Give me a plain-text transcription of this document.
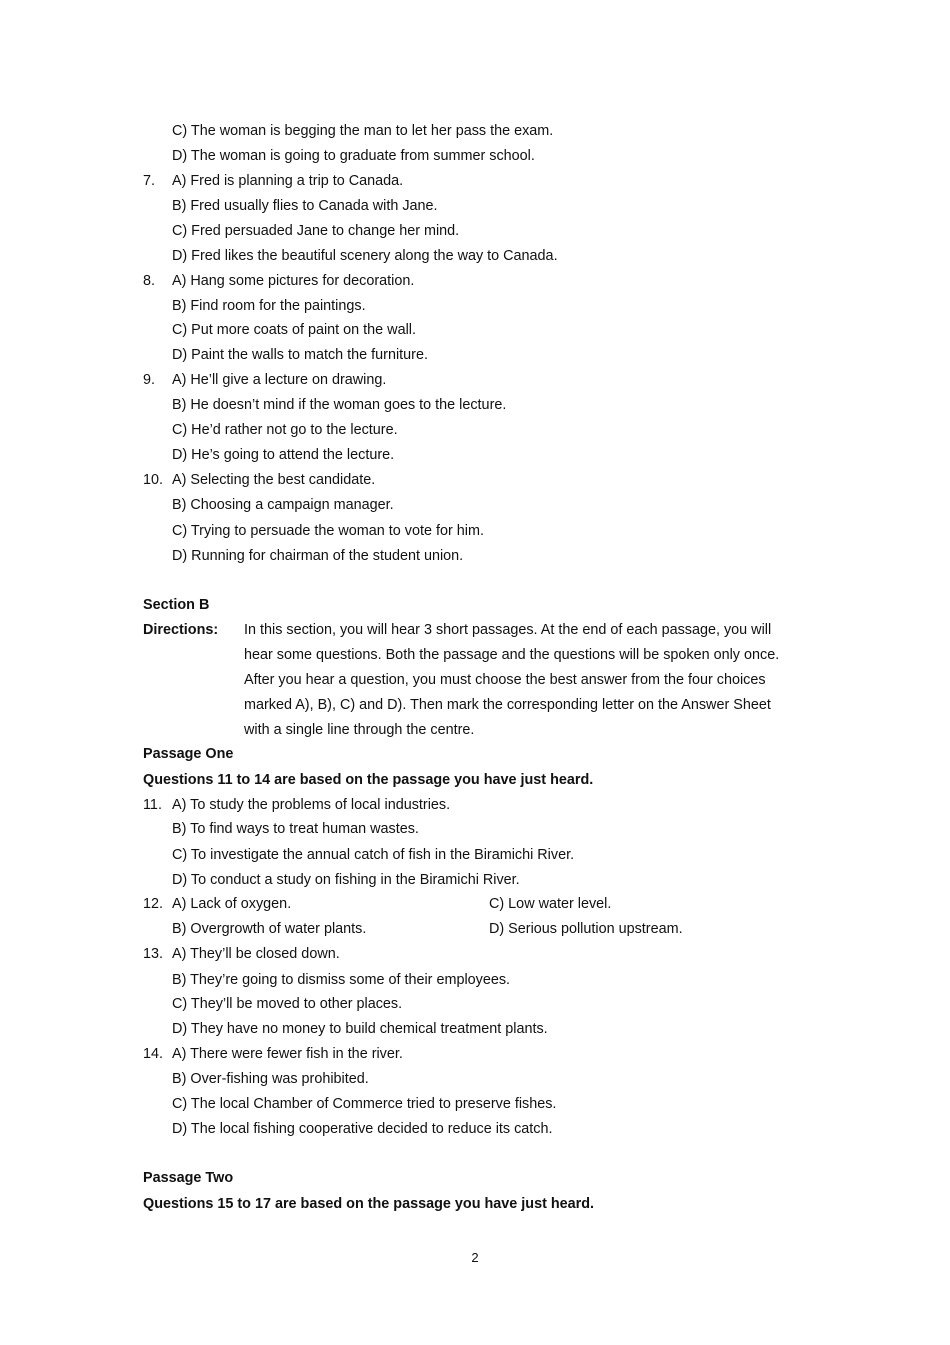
C) The woman is begging the man to let her pass the exam.
D) The woman is going to graduate from summer school.
7. A) Fred is planning a trip to Canada.
B) Fred usually flies to Canada with Jane.
C) Fred persuaded Jane to change her mind.
D) Fred likes the beautiful scenery along the way to Canada.
8. A) Hang some pictures for decoration.
B) Find room for the paintings.
C) Put more coats of paint on the wall.
D) Paint the walls to match the furniture.
9. A) He’ll give a lecture on drawing.
B) He doesn’t mind if the woman goes to the lecture.
C) He’d rather not go to the lecture.
D) He’s going to attend the lecture.
10. A) Selecting the best candidate.
B) Choosing a campaign manager.
C) Trying to persuade the woman to vote for him.
D) Running for chairman of the student union.
Section B
Directions: In this section, you will hear 3 short passages. At the end of each passage, you will
hear some questions. Both the passage and the questions will be spoken only once.
After you hear a question, you must choose the best answer from the four choices
marked A), B), C) and D). Then mark the corresponding letter on the Answer Sheet
with a single line through the centre.
Passage One
Questions 11 to 14 are based on the passage you have just heard.
11. A) To study the problems of local industries.
B) To find ways to treat human wastes.
C) To investigate the annual catch of fish in the Biramichi River.
D) To conduct a study on fishing in the Biramichi River.
12. A) Lack of oxygen.	C) Low water level.
B) Overgrowth of water plants.	D) Serious pollution upstream.
13. A) They’ll be closed down.
B) They’re going to dismiss some of their employees.
C) They’ll be moved to other places.
D) They have no money to build chemical treatment plants.
14. A) There were fewer fish in the river.
B) Over-fishing was prohibited.
C) The local Chamber of Commerce tried to preserve fishes.
D) The local fishing cooperative decided to reduce its catch.
Passage Two
Questions 15 to 17 are based on the passage you have just heard.
2
